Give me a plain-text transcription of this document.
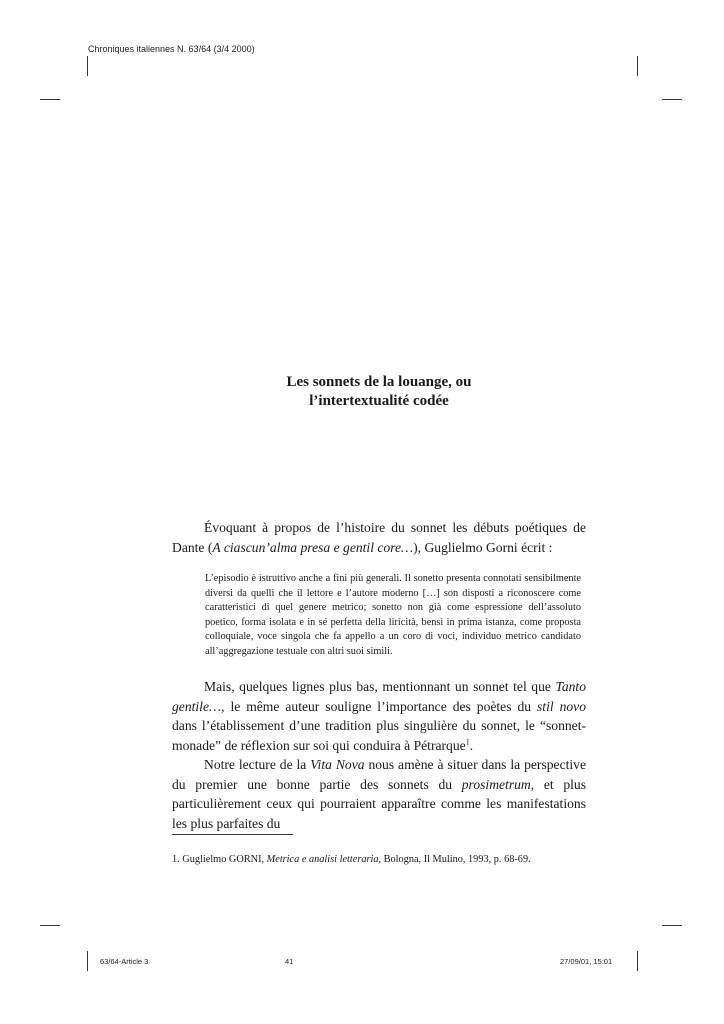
Chroniques italiennes N. 63/64 (3/4 2000)
Les sonnets de la louange, ou
l’intertextualité codée

Évoquant à propos de l’histoire du sonnet les débuts poétiques de Dante (A ciascun’alma presa e gentil core…), Guglielmo Gorni écrit :

L’episodio è istruttivo anche a fini più generali. Il sonetto presenta connotati sensibilmente diversi da quelli che il lettore e l’autore moderno […] son disposti a riconoscere come caratteristici di quel genere metrico; sonetto non già come espressione dell’assoluto poetico, forma isolata e in sé perfetta della liricità, bensì in prima istanza, come proposta colloquiale, voce singola che fa appello a un coro di voci, individuo metrico candidato all’aggregazione testuale con altri suoi simili.

Mais, quelques lignes plus bas, mentionnant un sonnet tel que Tanto gentile…, le même auteur souligne l’importance des poètes du stil novo dans l’établissement d’une tradition plus singulière du sonnet, le “sonnet-monade” de réflexion sur soi qui conduira à Pétrarque$^1$.

Notre lecture de la Vita Nova nous amène à situer dans la perspective du premier une bonne partie des sonnets du prosimetrum, et plus particulièrement ceux qui pourraient apparaître comme les manifestations les plus parfaites du

1. Guglielmo GORNI, Metrica e analisi letteraria, Bologna, Il Mulino, 1993, p. 68-69.

63/64-Article 3	41	27/09/01, 15:01
